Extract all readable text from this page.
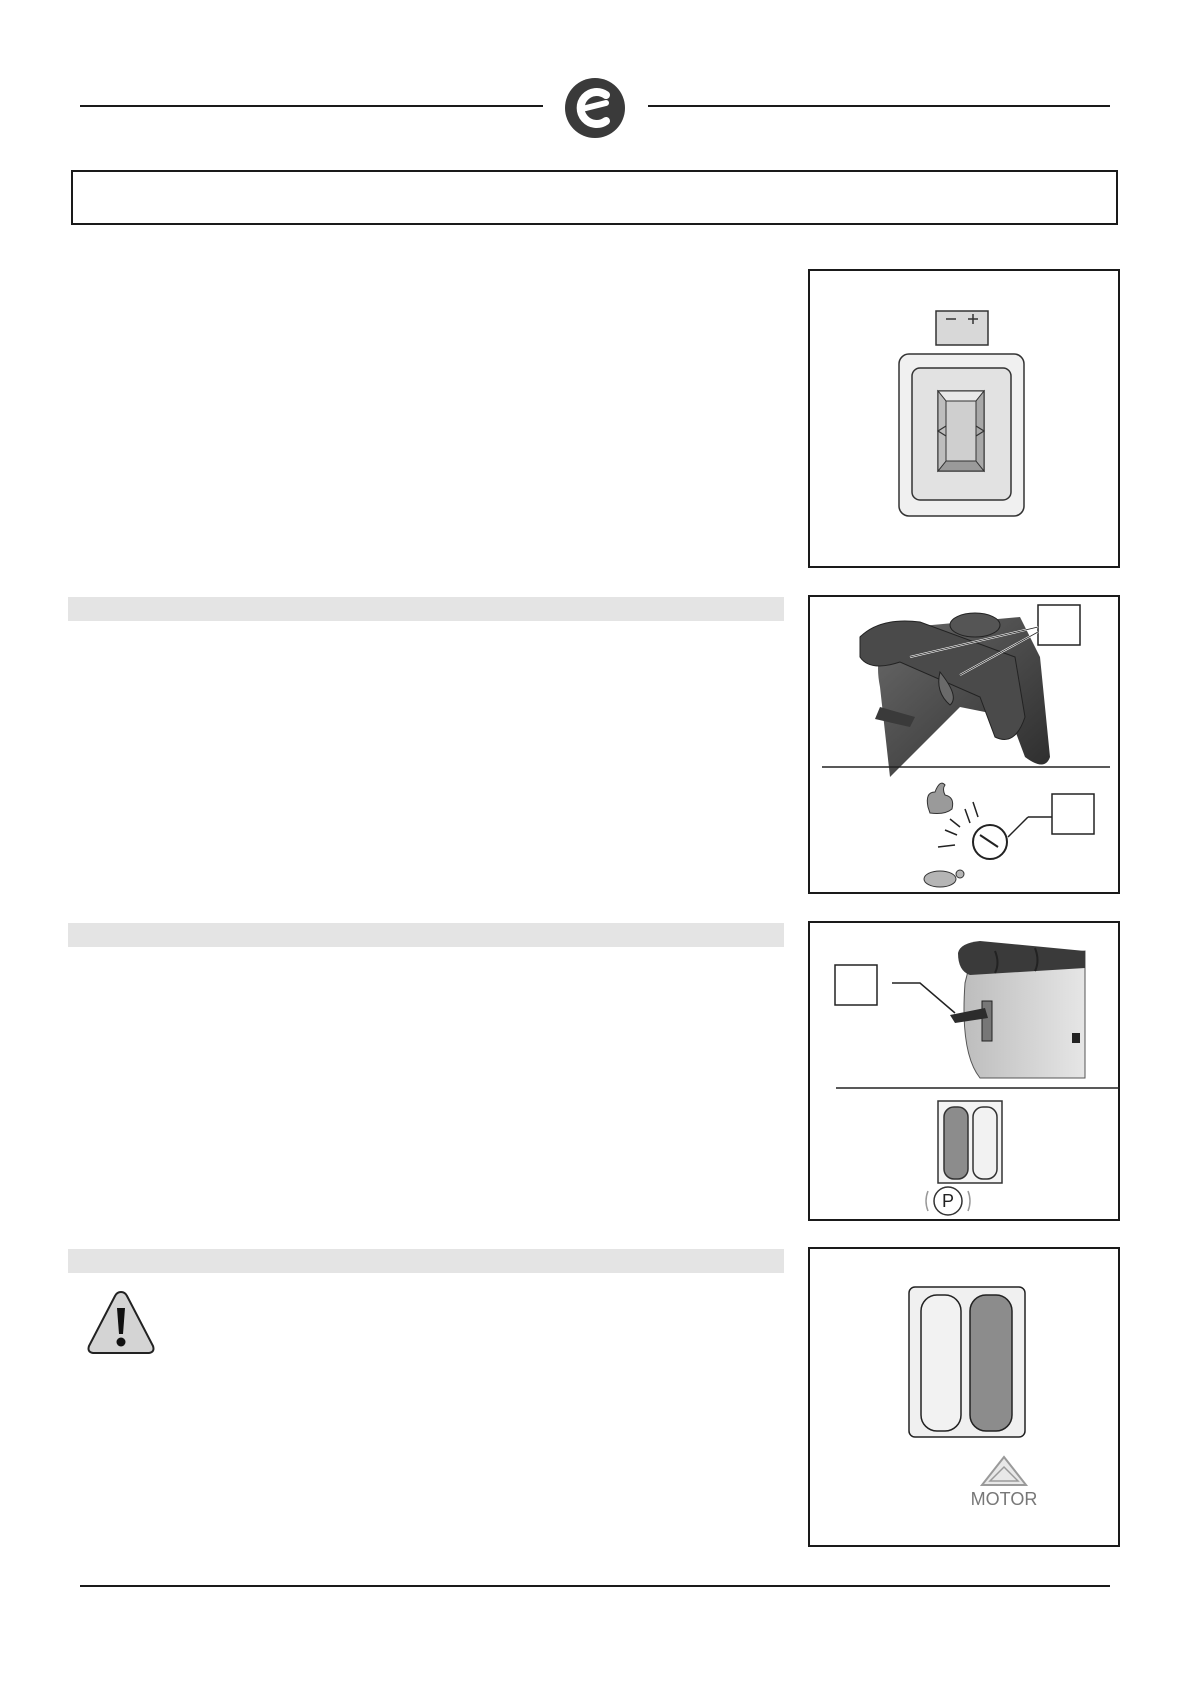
P
MOTOR
